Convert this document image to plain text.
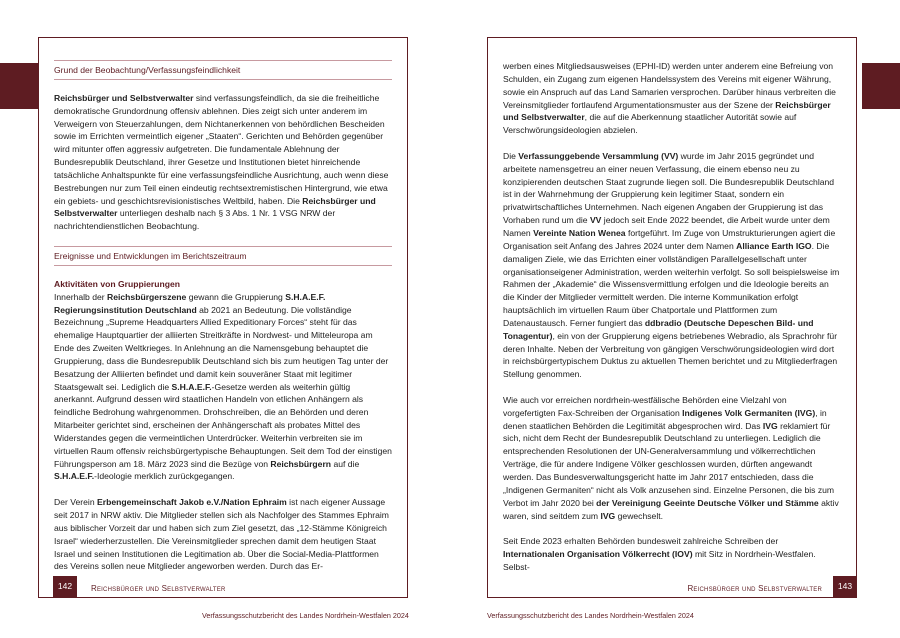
Grund der Beobachtung/Verfassungsfeindlichkeit

Reichsbürger und Selbstverwalter sind verfassungsfeindlich, da sie die freiheitliche demokratische Grundordnung offensiv ablehnen. Dies zeigt sich unter anderem im Verweigern von Steuerzahlungen, dem Nichtanerkennen von behördlichen Bescheiden sowie im Errichten vermeintlich eigener „Staaten“. Gerichten und Behörden gegenüber wird mitunter offen aggressiv aufgetreten. Die fundamentale Ablehnung der Bundesrepublik Deutschland, ihrer Gesetze und Institutionen bietet hinreichende tatsächliche Anhaltspunkte für eine verfassungsfeindliche Ausrichtung, auch wenn diese Bestrebungen nur zum Teil einen eindeutig rechtsextremistischen Hintergrund, wie etwa ein gebiets- und geschichtsrevisionistisches Weltbild, haben. Die Reichsbürger und Selbstverwalter unterliegen deshalb nach § 3 Abs. 1 Nr. 1 VSG NRW der nachrichtendienstlichen Beobachtung.

Ereignisse und Entwicklungen im Berichtszeitraum
Aktivitäten von Gruppierungen

Innerhalb der Reichsbürgerszene gewann die Gruppierung S.H.A.E.F. Regierungsinstitution Deutschland ab 2021 an Bedeutung. Die vollständige Bezeichnung „Supreme Headquarters Allied Expeditionary Forces“ steht für das ehemalige Hauptquartier der alliierten Streitkräfte in Nordwest- und Mitteleuropa am Ende des Zweiten Weltkrieges. In Anlehnung an die Namensgebung behauptet die Gruppierung, dass die Bundesrepublik Deutschland sich bis zum heutigen Tag unter der Besatzung der Alliierten befindet und damit kein souveräner Staat mit legitimer Staatsgewalt sei. Lediglich die S.H.A.E.F.-Gesetze werden als weiterhin gültig anerkannt. Aufgrund dessen wird staatlichen Handeln von etlichen Anhängern als feindliche Bedrohung wahrgenommen. Drohschreiben, die an Behörden und deren Mitarbeiter gerichtet sind, erscheinen der Anhängerschaft als probates Mittel des Widerstandes gegen die vermeintlichen Unterdrücker. Weiterhin verbreiten sie im virtuellen Raum offensiv reichsbürgertypische Behauptungen. Seit dem Tod der einstigen Führungsperson am 18. März 2023 sind die Bezüge von Reichsbürgern auf die S.H.A.E.F.-Ideologie merklich zurückgegangen.

Der Verein Erbengemeinschaft Jakob e.V./Nation Ephraim ist nach eigener Aussage seit 2017 in NRW aktiv. Die Mitglieder stellen sich als Nachfolger des Stammes Ephraim aus biblischer Vorzeit dar und haben sich zum Ziel gesetzt, das „12-Stämme Königreich Israel“ wiederherzustellen. Die Vereinsmitglieder sprechen damit dem heutigen Staat Israel und seinen Institutionen die Legitimation ab. Über die Social-Media-Plattformen des Vereins sollen neue Mitglieder angeworben werden. Durch das Er-

142	Reichsbürger und Selbstverwalter

werben eines Mitgliedsausweises (EPHI-ID) werden unter anderem eine Befreiung von Schulden, ein Zugang zum eigenen Handelssystem des Vereins mit eigener Währung, sowie ein Anspruch auf das Land Samarien versprochen. Darüber hinaus verbreiten die Vereinsmitglieder fortlaufend Argumentationsmuster aus der Szene der Reichsbürger und Selbstverwalter, die auf die Aberkennung staatlicher Autorität sowie auf Verschwörungsideologien abzielen.

Die Verfassunggebende Versammlung (VV) wurde im Jahr 2015 gegründet und arbeitete namensgetreu an einer neuen Verfassung, die einem ebenso neu zu konzipierenden deutschen Staat zugrunde liegen soll. Die Bundesrepublik Deutschland ist in der Wahrnehmung der Gruppierung kein legitimer Staat, sondern ein privatwirtschaftliches Unternehmen. Nach eigenen Angaben der Gruppierung ist das Vorhaben rund um die VV jedoch seit Ende 2022 beendet, die Arbeit wurde unter dem Namen Vereinte Nation Wenea fortgeführt. Im Zuge von Umstrukturierungen agiert die Organisation seit Anfang des Jahres 2024 unter dem Namen Alliance Earth IGO. Die damaligen Ziele, wie das Errichten einer vollständigen Parallelgesellschaft unter organisationseigener Administration, werden weiterhin verfolgt. So soll beispielsweise im Rahmen der „Akademie“ die Wissensvermittlung erfolgen und die Ideologie bereits an die Kinder der Mitglieder vermittelt werden. Die interne Kommunikation erfolgt hauptsächlich im virtuellen Raum über Chatportale und Plattformen zum Datenaustausch. Ferner fungiert das ddbradio (Deutsche Depeschen Bild- und Tonagentur), ein von der Gruppierung eigens betriebenes Webradio, als Sprachrohr für deren Inhalte. Neben der Verbreitung von gängigen Verschwörungsideologien wird dort in reichsbürgertypischem Duktus zu aktuellen Themen berichtet und zu Mitgliederfragen Stellung genommen.

Wie auch vor erreichen nordrhein-westfälische Behörden eine Vielzahl von vorgefertigten Fax-Schreiben der Organisation Indigenes Volk Germaniten (IVG), in denen staatlichen Behörden die Legitimität abgesprochen wird. Das IVG reklamiert für sich, nicht dem Recht der Bundesrepublik Deutschland zu unterliegen. Lediglich die entsprechenden Resolutionen der UN-Generalversammlung und völkerrechtlichen Verträge, die für andere Indigene Völker geschlossen wurden, dürften angewandt werden. Das Bundesverwaltungsgericht hatte im Jahr 2017 entschieden, dass die „Indigenen Germaniten“ nicht als Volk anzusehen sind. Einzelne Personen, die bis zum Verbot im Jahr 2020 bei der Vereinigung Geeinte Deutsche Völker und Stämme aktiv waren, sind seitdem zum IVG gewechselt.

Seit Ende 2023 erhalten Behörden bundesweit zahlreiche Schreiben der Internationalen Organisation Völkerrecht (IOV) mit Sitz in Nordrhein-Westfalen. Selbst-

143
Reichsbürger und Selbstverwalter
Verfassungsschutzbericht des Landes Nordrhein-Westfalen 2024	Verfassungsschutzbericht des Landes Nordrhein-Westfalen 2024
